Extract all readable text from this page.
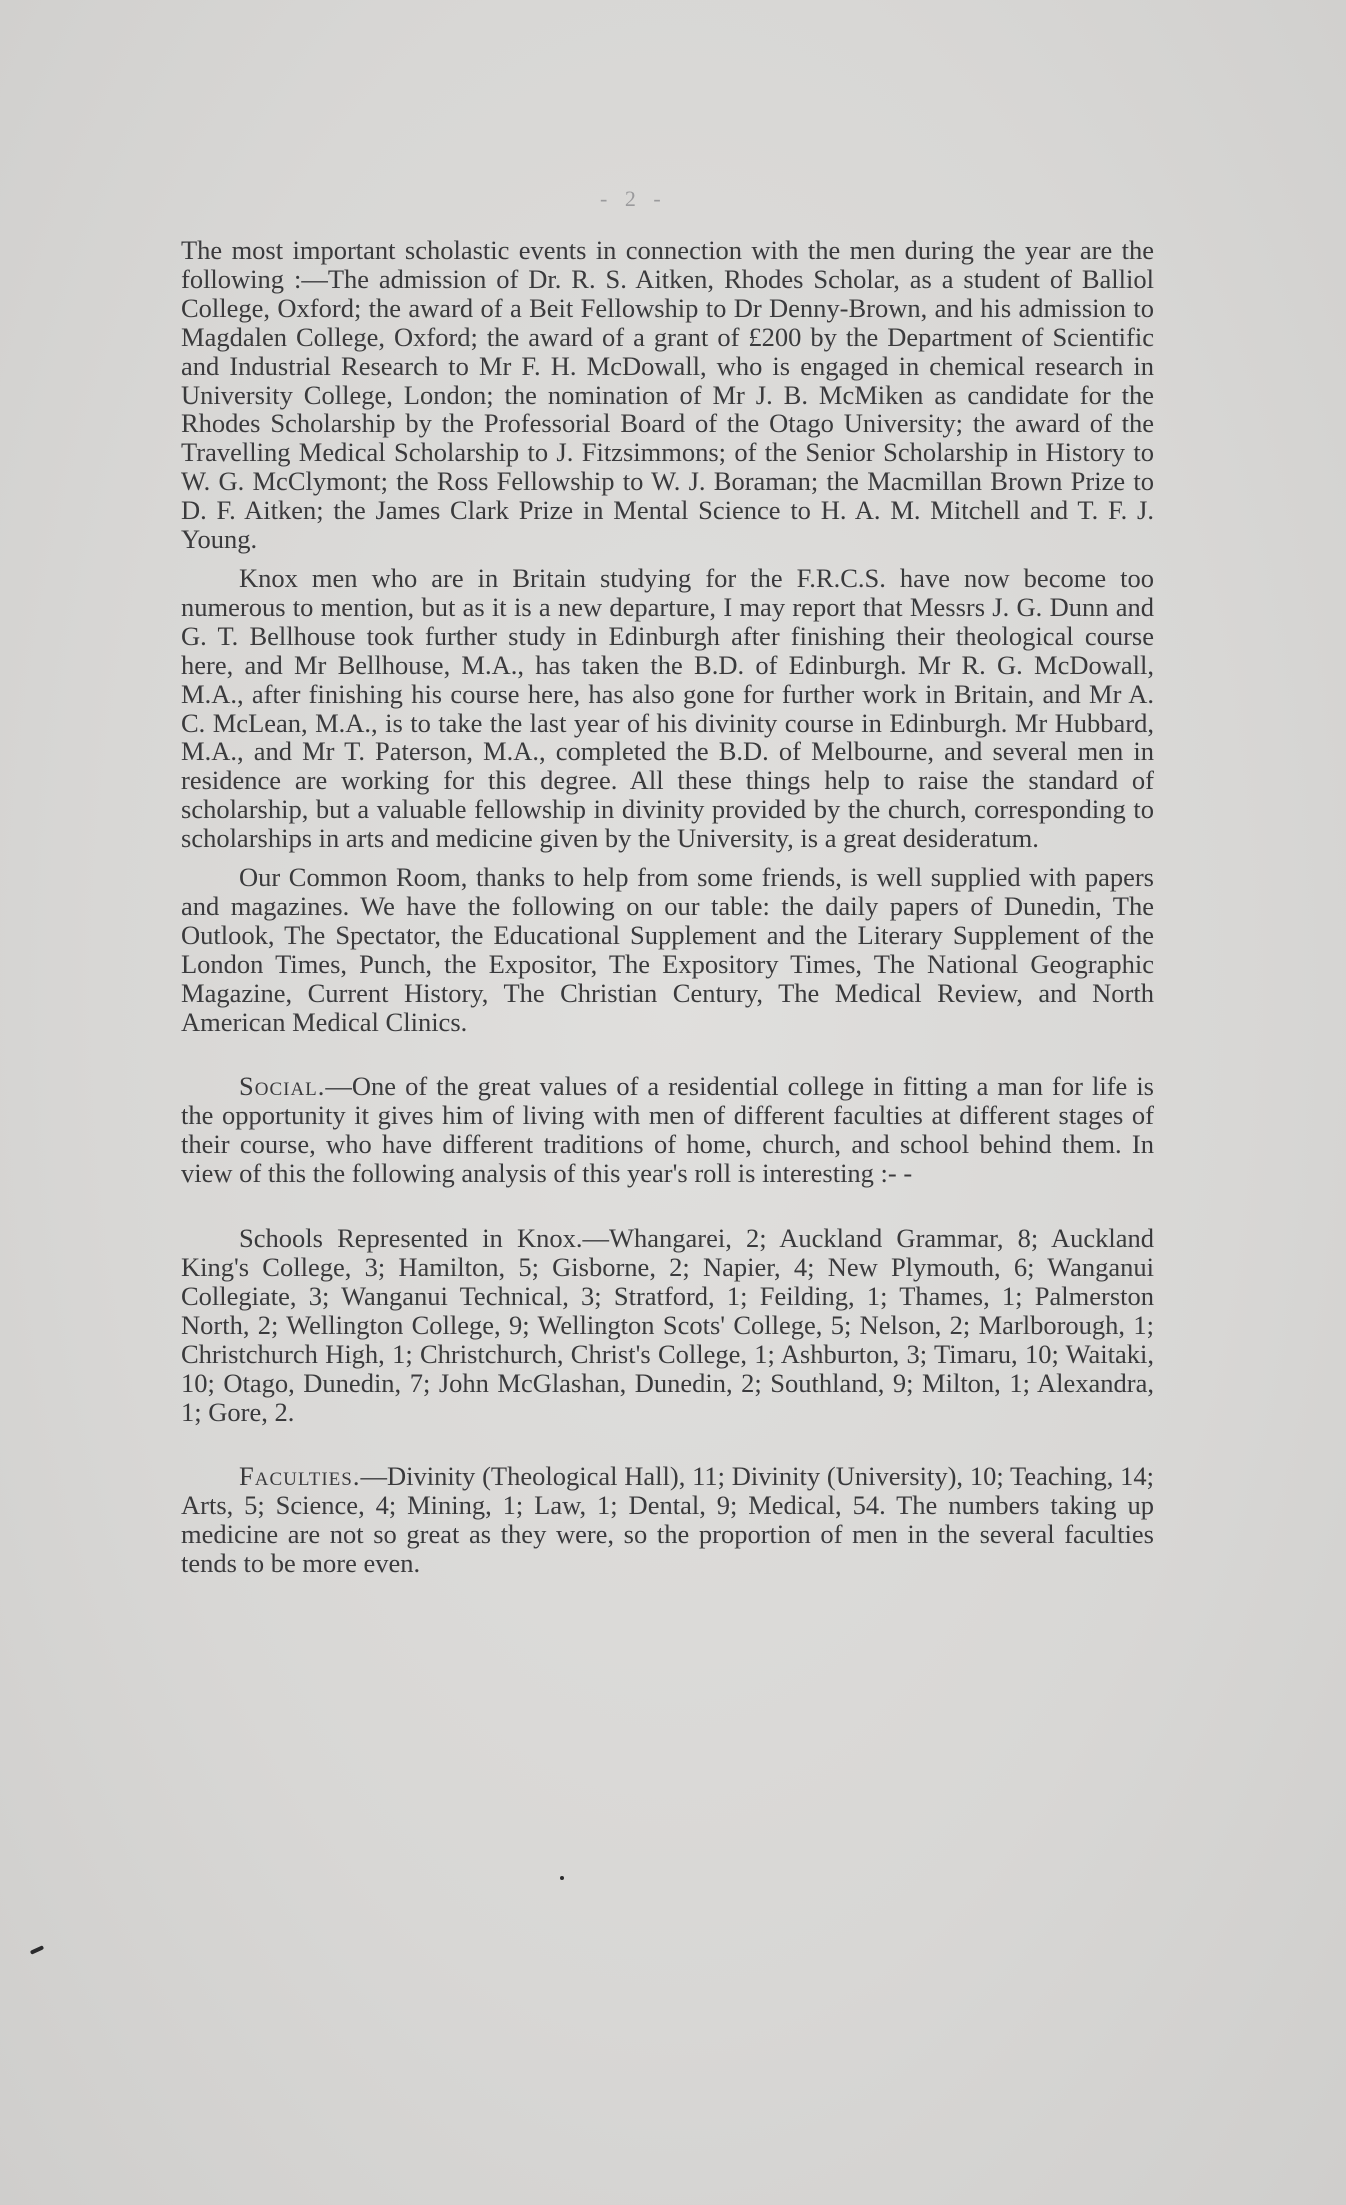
- 2 -

The most important scholastic events in connection with the men during the year are the following :—The admission of Dr. R. S. Aitken, Rhodes Scholar, as a student of Balliol College, Oxford; the award of a Beit Fellowship to Dr Denny-Brown, and his admission to Magdalen College, Oxford; the award of a grant of £200 by the Department of Scientific and Industrial Research to Mr F. H. McDowall, who is engaged in chemical research in University College, London; the nomination of Mr J. B. McMiken as candidate for the Rhodes Scholarship by the Professorial Board of the Otago University; the award of the Travelling Medical Scholarship to J. Fitzsimmons; of the Senior Scholarship in History to W. G. McClymont; the Ross Fellowship to W. J. Boraman; the Macmillan Brown Prize to D. F. Aitken; the James Clark Prize in Mental Science to H. A. M. Mitchell and T. F. J. Young.

Knox men who are in Britain studying for the F.R.C.S. have now become too numerous to mention, but as it is a new departure, I may report that Messrs J. G. Dunn and G. T. Bellhouse took further study in Edinburgh after finishing their theological course here, and Mr Bellhouse, M.A., has taken the B.D. of Edinburgh. Mr R. G. McDowall, M.A., after finishing his course here, has also gone for further work in Britain, and Mr A. C. McLean, M.A., is to take the last year of his divinity course in Edinburgh. Mr Hubbard, M.A., and Mr T. Paterson, M.A., completed the B.D. of Melbourne, and several men in residence are working for this degree. All these things help to raise the standard of scholarship, but a valuable fellowship in divinity provided by the church, corresponding to scholarships in arts and medicine given by the University, is a great desideratum.

Our Common Room, thanks to help from some friends, is well supplied with papers and magazines. We have the following on our table: the daily papers of Dunedin, The Outlook, The Spectator, the Educational Supplement and the Literary Supplement of the London Times, Punch, the Expositor, The Expository Times, The National Geographic Magazine, Current History, The Christian Century, The Medical Review, and North American Medical Clinics.

Social.—One of the great values of a residential college in fitting a man for life is the opportunity it gives him of living with men of different faculties at different stages of their course, who have different traditions of home, church, and school behind them. In view of this the following analysis of this year's roll is interesting :- -

Schools Represented in Knox.—Whangarei, 2; Auckland Grammar, 8; Auckland King's College, 3; Hamilton, 5; Gisborne, 2; Napier, 4; New Plymouth, 6; Wanganui Collegiate, 3; Wanganui Technical, 3; Stratford, 1; Feilding, 1; Thames, 1; Palmerston North, 2; Wellington College, 9; Wellington Scots' College, 5; Nelson, 2; Marlborough, 1; Christchurch High, 1; Christchurch, Christ's College, 1; Ashburton, 3; Timaru, 10; Waitaki, 10; Otago, Dunedin, 7; John McGlashan, Dunedin, 2; Southland, 9; Milton, 1; Alexandra, 1; Gore, 2.

Faculties.—Divinity (Theological Hall), 11; Divinity (University), 10; Teaching, 14; Arts, 5; Science, 4; Mining, 1; Law, 1; Dental, 9; Medical, 54. The numbers taking up medicine are not so great as they were, so the proportion of men in the several faculties tends to be more even.
